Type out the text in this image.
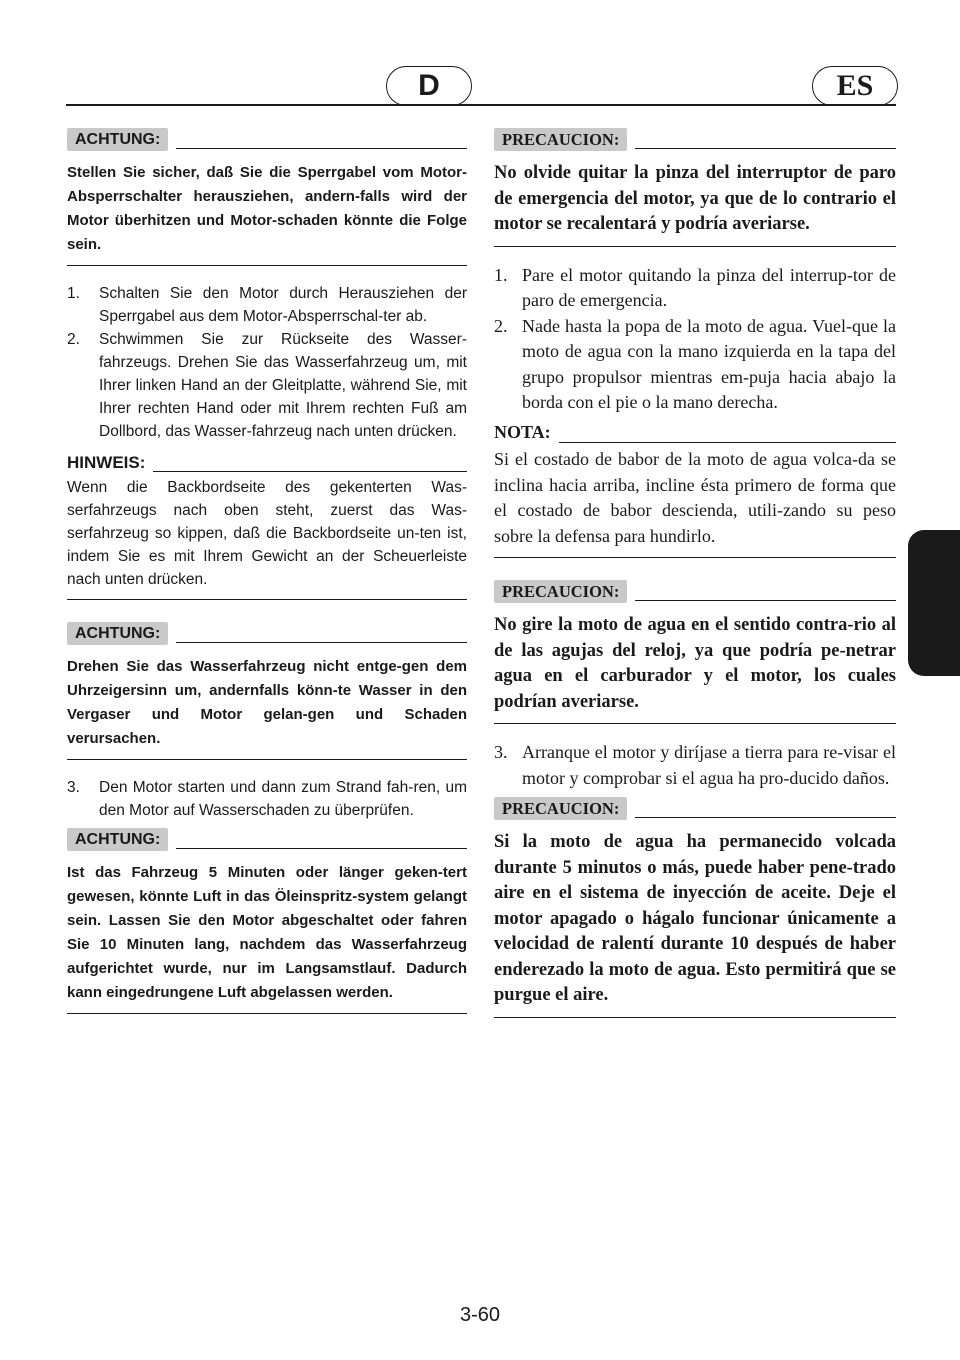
D	ES
ACHTUNG:

Stellen Sie sicher, daß Sie die Sperrgabel vom Motor-Absperrschalter herausziehen, andern-falls wird der Motor überhitzen und Motor-schaden könnte die Folge sein.

1.	Schalten Sie den Motor durch Herausziehen der Sperrgabel aus dem Motor-Absperrschal-ter ab.
2.	Schwimmen Sie zur Rückseite des Wasser-fahrzeugs. Drehen Sie das Wasserfahrzeug um, mit Ihrer linken Hand an der Gleitplatte, während Sie, mit Ihrer rechten Hand oder mit Ihrem rechten Fuß am Dollbord, das Wasser-fahrzeug nach unten drücken.
HINWEIS:

Wenn die Backbordseite des gekenterten Was-serfahrzeugs nach oben steht, zuerst das Was-serfahrzeug so kippen, daß die Backbordseite un-ten ist, indem Sie es mit Ihrem Gewicht an der Scheuerleiste nach unten drücken.

ACHTUNG:

Drehen Sie das Wasserfahrzeug nicht entge-gen dem Uhrzeigersinn um, andernfalls könn-te Wasser in den Vergaser und Motor gelan-gen und Schaden verursachen.

3.	Den Motor starten und dann zum Strand fah-ren, um den Motor auf Wasserschaden zu überprüfen.
ACHTUNG:

Ist das Fahrzeug 5 Minuten oder länger geken-tert gewesen, könnte Luft in das Öleinspritz-system gelangt sein. Lassen Sie den Motor abgeschaltet oder fahren Sie 10 Minuten lang, nachdem das Wasserfahrzeug aufgerichtet wurde, nur im Langsamstlauf. Dadurch kann eingedrungene Luft abgelassen werden.

PRECAUCION:

No olvide quitar la pinza del interruptor de paro de emergencia del motor, ya que de lo contrario el motor se recalentará y podría averiarse.

1. Pare el motor quitando la pinza del interrup-tor de paro de emergencia.
2. Nade hasta la popa de la moto de agua. Vuel-que la moto de agua con la mano izquierda en la tapa del grupo propulsor mientras em-puja hacia abajo la borda con el pie o la mano derecha.
NOTA:

Si el costado de babor de la moto de agua volca-da se inclina hacia arriba, incline ésta primero de forma que el costado de babor descienda, utili-zando su peso sobre la defensa para hundirlo.

PRECAUCION:

No gire la moto de agua en el sentido contra-rio al de las agujas del reloj, ya que podría pe-netrar agua en el carburador y el motor, los cuales podrían averiarse.

3. Arranque el motor y diríjase a tierra para re-visar el motor y comprobar si el agua ha pro-ducido daños.
PRECAUCION:

Si la moto de agua ha permanecido volcada durante 5 minutos o más, puede haber pene-trado aire en el sistema de inyección de aceite. Deje el motor apagado o hágalo funcionar únicamente a velocidad de ralentí durante 10 después de haber enderezado la moto de agua. Esto permitirá que se purgue el aire.

3-60
